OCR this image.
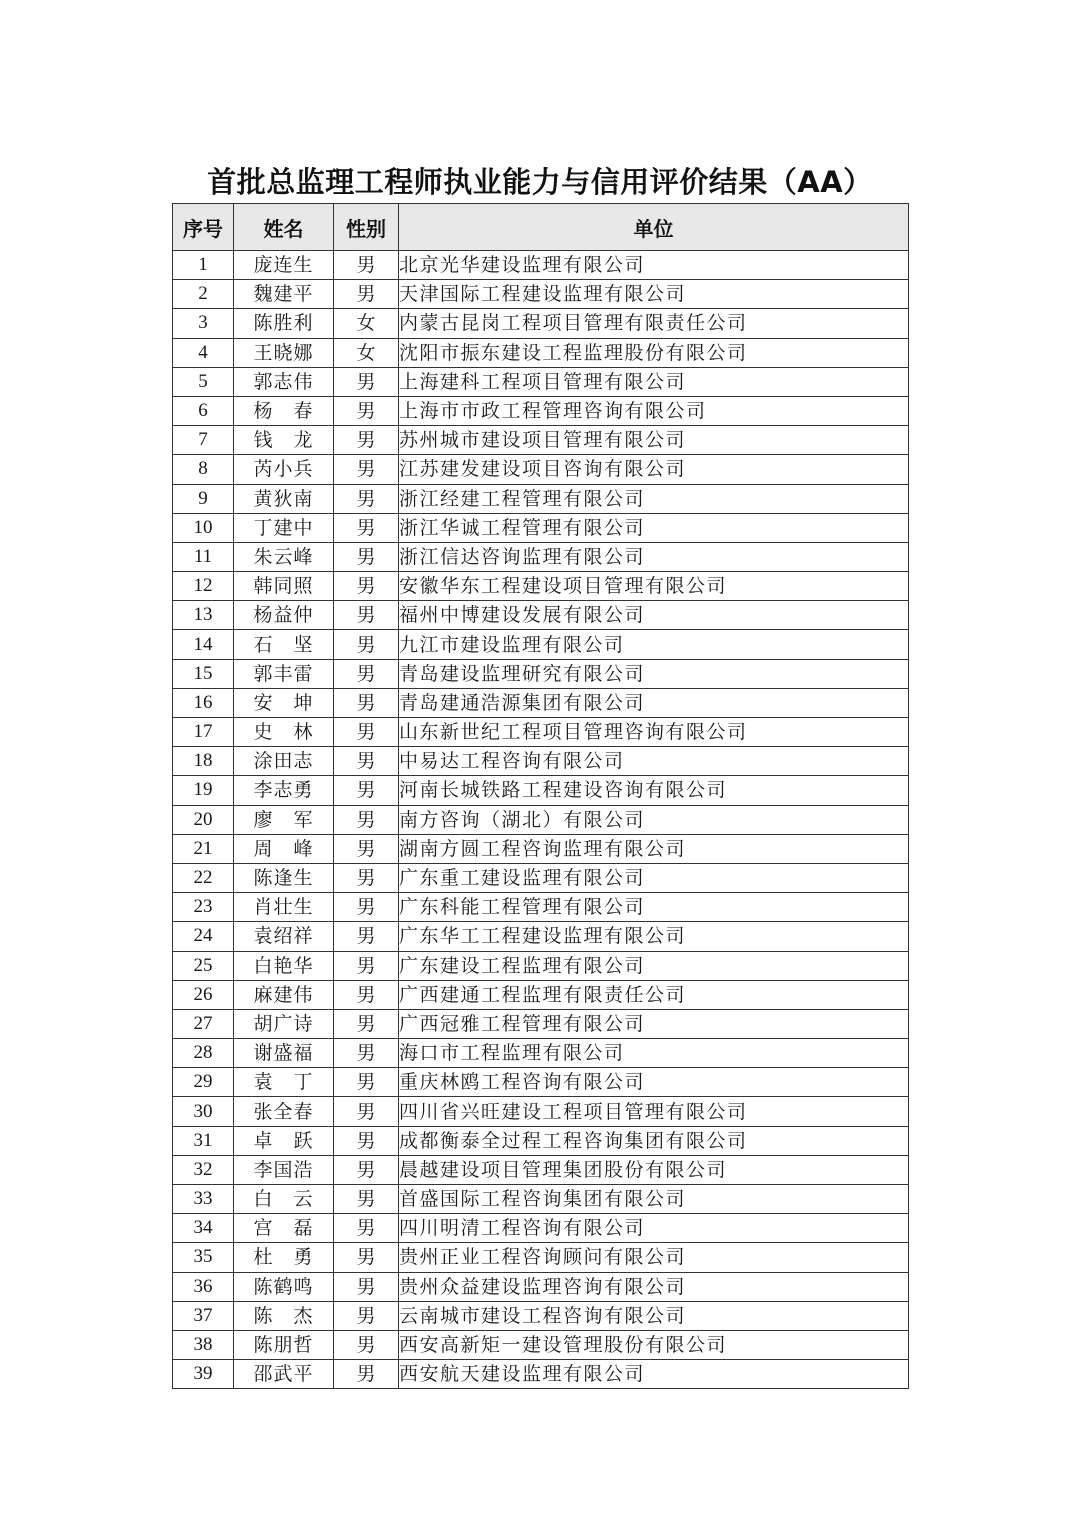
首批总监理工程师执业能力与信用评价结果（AA）
序号	姓名	性别	单位
1	庞连生	男	北京光华建设监理有限公司
2	魏建平	男	天津国际工程建设监理有限公司
3	陈胜利	女	内蒙古昆岗工程项目管理有限责任公司
4	王晓娜	女	沈阳市振东建设工程监理股份有限公司
5	郭志伟	男	上海建科工程项目管理有限公司
6	杨　春	男	上海市市政工程管理咨询有限公司
7	钱　龙	男	苏州城市建设项目管理有限公司
8	芮小兵	男	江苏建发建设项目咨询有限公司
9	黄狄南	男	浙江经建工程管理有限公司
10	丁建中	男	浙江华诚工程管理有限公司
11	朱云峰	男	浙江信达咨询监理有限公司
12	韩同照	男	安徽华东工程建设项目管理有限公司
13	杨益仲	男	福州中博建设发展有限公司
14	石　坚	男	九江市建设监理有限公司
15	郭丰雷	男	青岛建设监理研究有限公司
16	安　坤	男	青岛建通浩源集团有限公司
17	史　林	男	山东新世纪工程项目管理咨询有限公司
18	涂田志	男	中易达工程咨询有限公司
19	李志勇	男	河南长城铁路工程建设咨询有限公司
20	廖　军	男	南方咨询（湖北）有限公司
21	周　峰	男	湖南方圆工程咨询监理有限公司
22	陈逢生	男	广东重工建设监理有限公司
23	肖壮生	男	广东科能工程管理有限公司
24	袁绍祥	男	广东华工工程建设监理有限公司
25	白艳华	男	广东建设工程监理有限公司
26	麻建伟	男	广西建通工程监理有限责任公司
27	胡广诗	男	广西冠雅工程管理有限公司
28	谢盛福	男	海口市工程监理有限公司
29	袁　丁	男	重庆林鸥工程咨询有限公司
30	张全春	男	四川省兴旺建设工程项目管理有限公司
31	卓　跃	男	成都衡泰全过程工程咨询集团有限公司
32	李国浩	男	晨越建设项目管理集团股份有限公司
33	白　云	男	首盛国际工程咨询集团有限公司
34	宫　磊	男	四川明清工程咨询有限公司
35	杜　勇	男	贵州正业工程咨询顾问有限公司
36	陈鹤鸣	男	贵州众益建设监理咨询有限公司
37	陈　杰	男	云南城市建设工程咨询有限公司
38	陈朋哲	男	西安高新矩一建设管理股份有限公司
39	邵武平	男	西安航天建设监理有限公司
